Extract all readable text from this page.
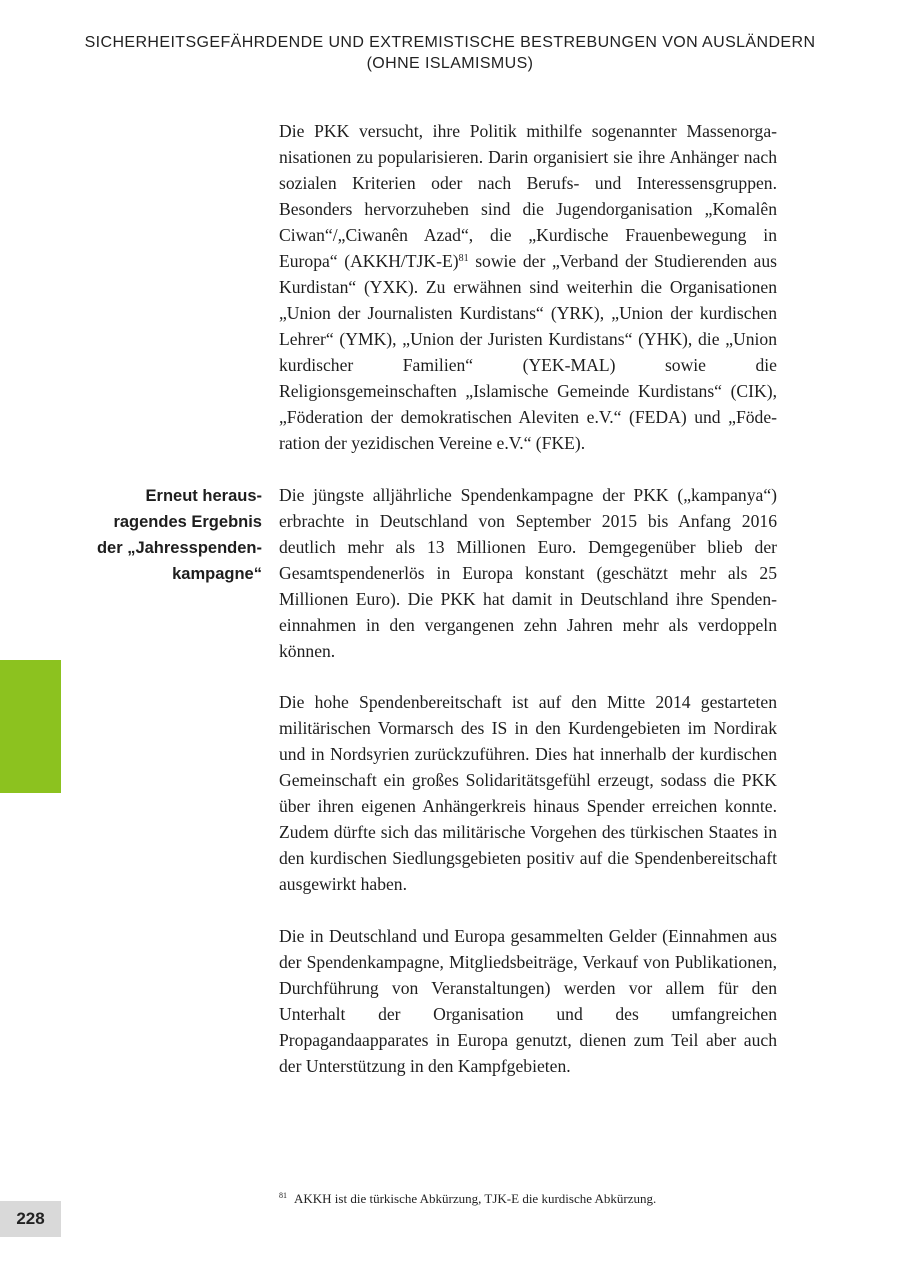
SICHERHEITSGEFÄHRDENDE UND EXTREMISTISCHE BESTREBUNGEN VON AUSLÄNDERN
(OHNE ISLAMISMUS)

Die PKK versucht, ihre Politik mithilfe sogenannter Massenorganisationen zu popularisieren. Darin organisiert sie ihre Anhänger nach sozialen Kriterien oder nach Berufs- und Interessensgruppen. Besonders hervorzuheben sind die Jugendorganisation „Komalên Ciwan“/„Ciwanên Azad“, die „Kurdische Frauenbewegung in Europa“ (AKKH/TJK-E)$^{81}$ sowie der „Verband der Studierenden aus Kurdistan“ (YXK). Zu erwähnen sind weiterhin die Organisationen „Union der Journalisten Kurdistans“ (YRK), „Union der kurdischen Lehrer“ (YMK), „Union der Juristen Kurdistans“ (YHK), die „Union kurdischer Familien“ (YEK-MAL) sowie die Religionsgemeinschaften „Islamische Gemeinde Kurdistans“ (CIK), „Föderation der demokratischen Aleviten e.V.“ (FEDA) und „Föderation der yezidischen Vereine e.V.“ (FKE).

Erneut heraus-
ragendes Ergebnis
der „Jahresspenden-
kampagne“

Die jüngste alljährliche Spendenkampagne der PKK („kampanya“) erbrachte in Deutschland von September 2015 bis Anfang 2016 deutlich mehr als 13 Millionen Euro. Demgegenüber blieb der Gesamtspendenerlös in Europa konstant (geschätzt mehr als 25 Millionen Euro). Die PKK hat damit in Deutschland ihre Spendeneinnahmen in den vergangenen zehn Jahren mehr als verdoppeln können.

Die hohe Spendenbereitschaft ist auf den Mitte 2014 gestarteten militärischen Vormarsch des IS in den Kurdengebieten im Nordirak und in Nordsyrien zurückzuführen. Dies hat innerhalb der kurdischen Gemeinschaft ein großes Solidaritätsgefühl erzeugt, sodass die PKK über ihren eigenen Anhängerkreis hinaus Spender erreichen konnte. Zudem dürfte sich das militärische Vorgehen des türkischen Staates in den kurdischen Siedlungsgebieten positiv auf die Spendenbereitschaft ausgewirkt haben.

Die in Deutschland und Europa gesammelten Gelder (Einnahmen aus der Spendenkampagne, Mitgliedsbeiträge, Verkauf von Publikationen, Durchführung von Veranstaltungen) werden vor allem für den Unterhalt der Organisation und des umfangreichen Propagandaapparates in Europa genutzt, dienen zum Teil aber auch der Unterstützung in den Kampfgebieten.

$^{81}$ AKKH ist die türkische Abkürzung, TJK-E die kurdische Abkürzung.
228
